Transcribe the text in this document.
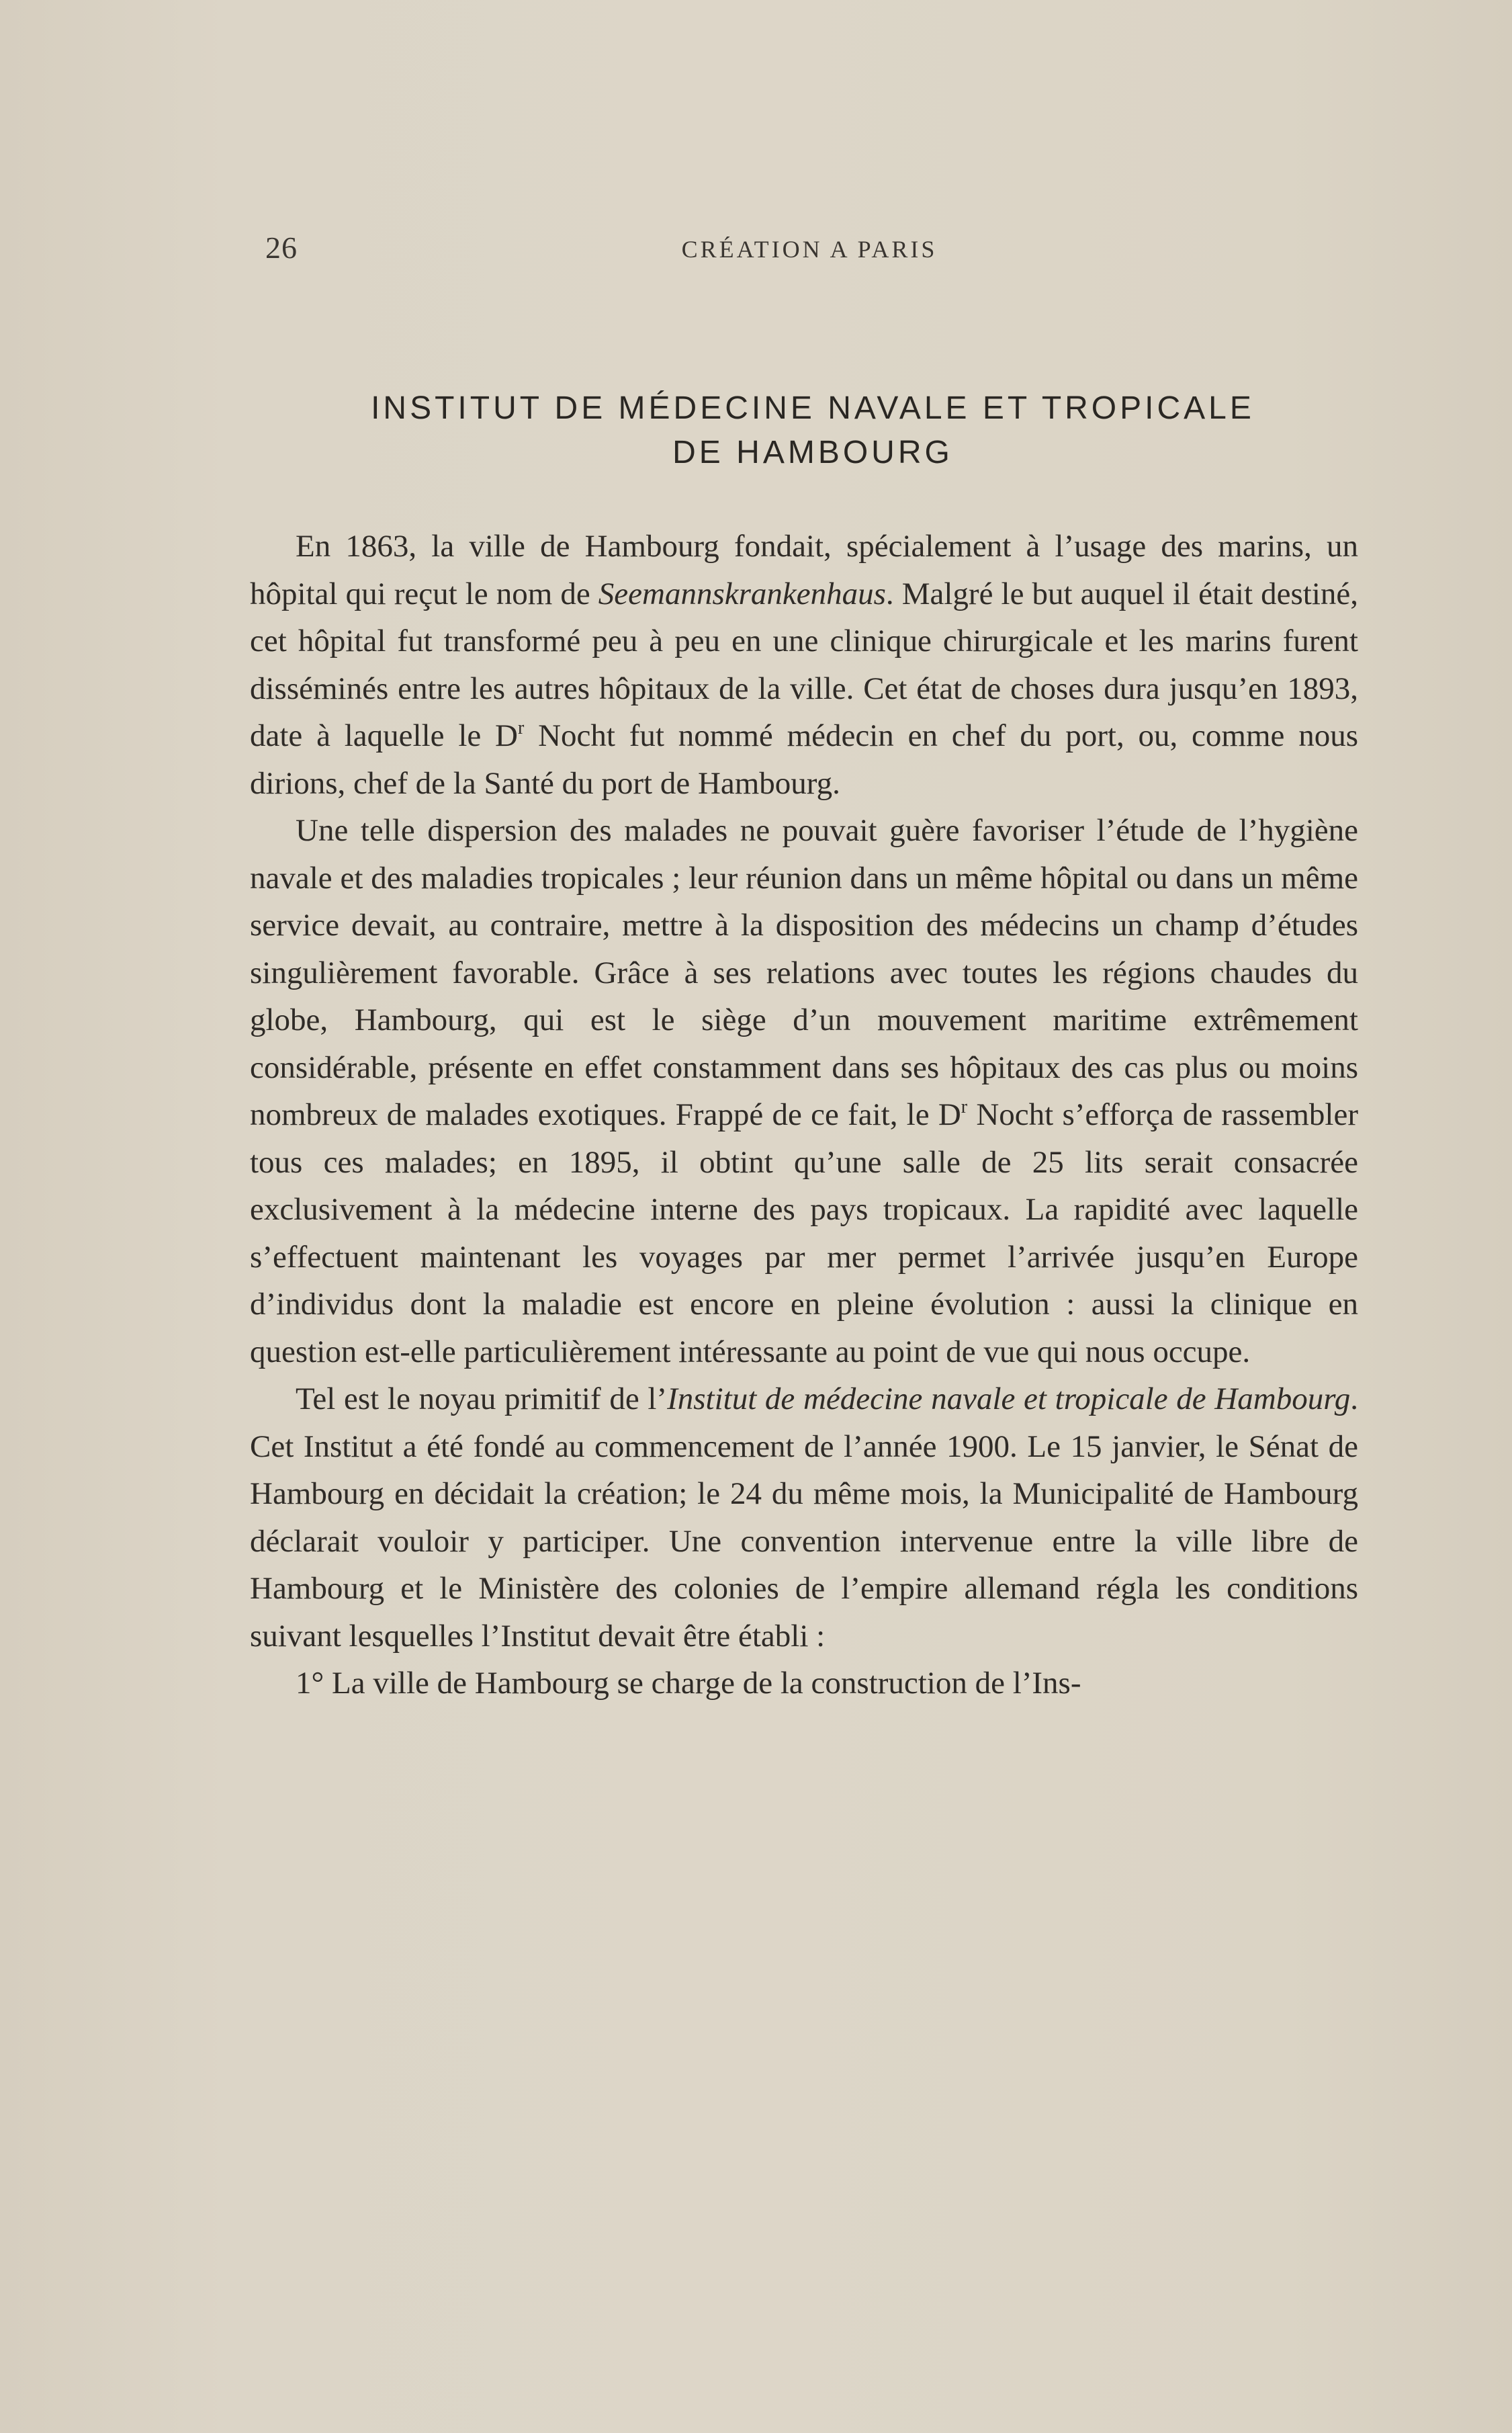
26	CRÉATION A PARIS
INSTITUT DE MÉDECINE NAVALE ET TROPICALE
DE HAMBOURG

En 1863, la ville de Hambourg fondait, spécialement à l’usage des marins, un hôpital qui reçut le nom de Seemannskrankenhaus. Malgré le but auquel il était destiné, cet hôpital fut transformé peu à peu en une clinique chirurgicale et les marins furent disséminés entre les autres hôpitaux de la ville. Cet état de choses dura jusqu’en 1893, date à laquelle le $D^r$ Nocht fut nommé médecin en chef du port, ou, comme nous dirions, chef de la Santé du port de Hambourg.

Une telle dispersion des malades ne pouvait guère favoriser l’étude de l’hygiène navale et des maladies tropicales ; leur réunion dans un même hôpital ou dans un même service devait, au contraire, mettre à la disposition des médecins un champ d’études singulièrement favorable. Grâce à ses relations avec toutes les régions chaudes du globe, Hambourg, qui est le siège d’un mouvement maritime extrêmement considérable, présente en effet constamment dans ses hôpitaux des cas plus ou moins nombreux de malades exotiques. Frappé de ce fait, le $D^r$ Nocht s’efforça de rassembler tous ces malades; en 1895, il obtint qu’une salle de 25 lits serait consacrée exclusivement à la médecine interne des pays tropicaux. La rapidité avec laquelle s’effectuent maintenant les voyages par mer permet l’arrivée jusqu’en Europe d’individus dont la maladie est encore en pleine évolution : aussi la clinique en question est-elle particulièrement intéressante au point de vue qui nous occupe.

Tel est le noyau primitif de l’Institut de médecine navale et tropicale de Hambourg. Cet Institut a été fondé au commencement de l’année 1900. Le 15 janvier, le Sénat de Hambourg en décidait la création; le 24 du même mois, la Municipalité de Hambourg déclarait vouloir y participer. Une convention intervenue entre la ville libre de Hambourg et le Ministère des colonies de l’empire allemand régla les conditions suivant lesquelles l’Institut devait être établi :

1° La ville de Hambourg se charge de la construction de l’Ins-
